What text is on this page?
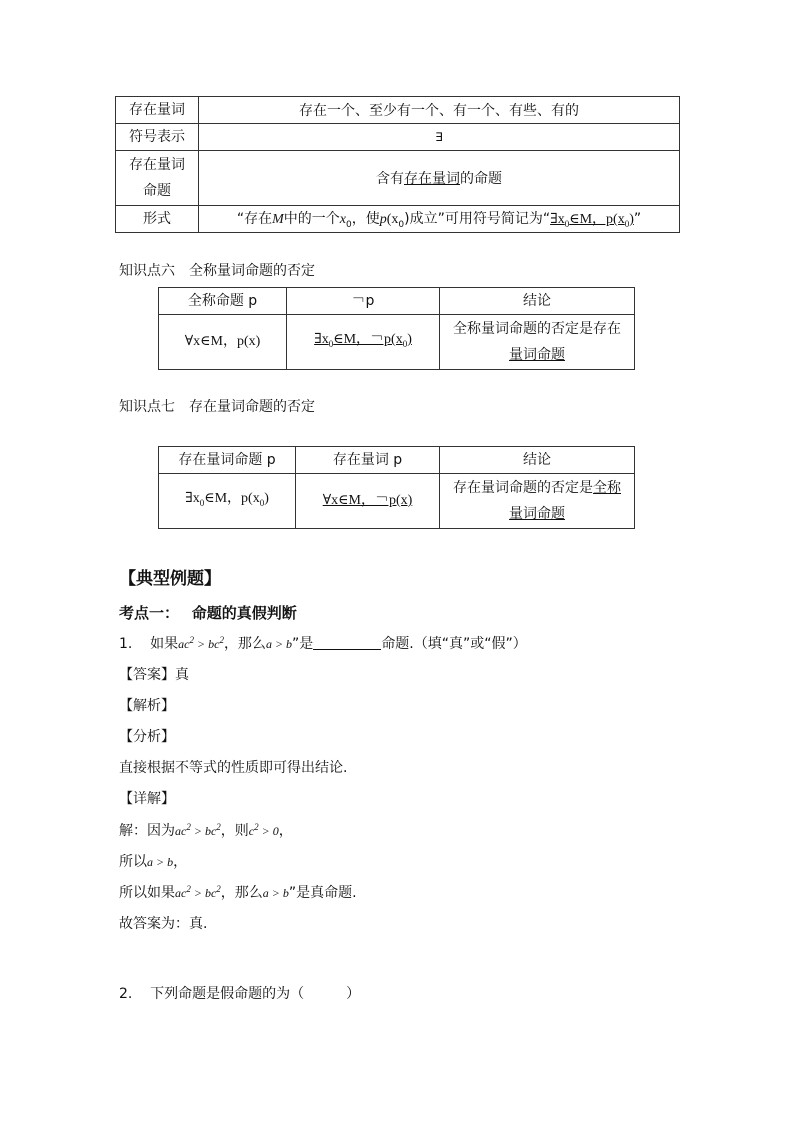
存在量词	存在一个、至少有一个、有一个、有些、有的
符号表示	∃

存在量词
命题	含有存在量词的命题
形式	“存在M中的一个$x_0$，使$p(x_0)$成立”可用符号简记为“$\exists x_0\in M$，$p(x_0)$”
知识点六　全称量词命题的否定
全称命题 p	￢p	结论
∀x∈M，p(x)	$\exists x_0\in M$，￢$p(x_0)$	全称量词命题的否定是存在
量词命题
知识点七　存在量词命题的否定
存在量词命题 p	存在量词 p	结论
$\exists x_0\in M$，$p(x_0)$	∀x∈M，￢p(x)	存在量词命题的否定是全称
量词命题
【典型例题】
考点一：　 命题的真假判断
1. 如果$ac^2 > bc^2$，那么a > b”是	命题.（填“真”或“假”）
【答案】真
【解析】
【分析】
直接根据不等式的性质即可得出结论.
【详解】
解：因为$ac^2 > bc^2$，则$c^2 > 0$，
所以a > b，
所以如果$ac^2 > bc^2$，那么a > b”是真命题.
故答案为：真.
2. 下列命题是假命题的为（　　　）
